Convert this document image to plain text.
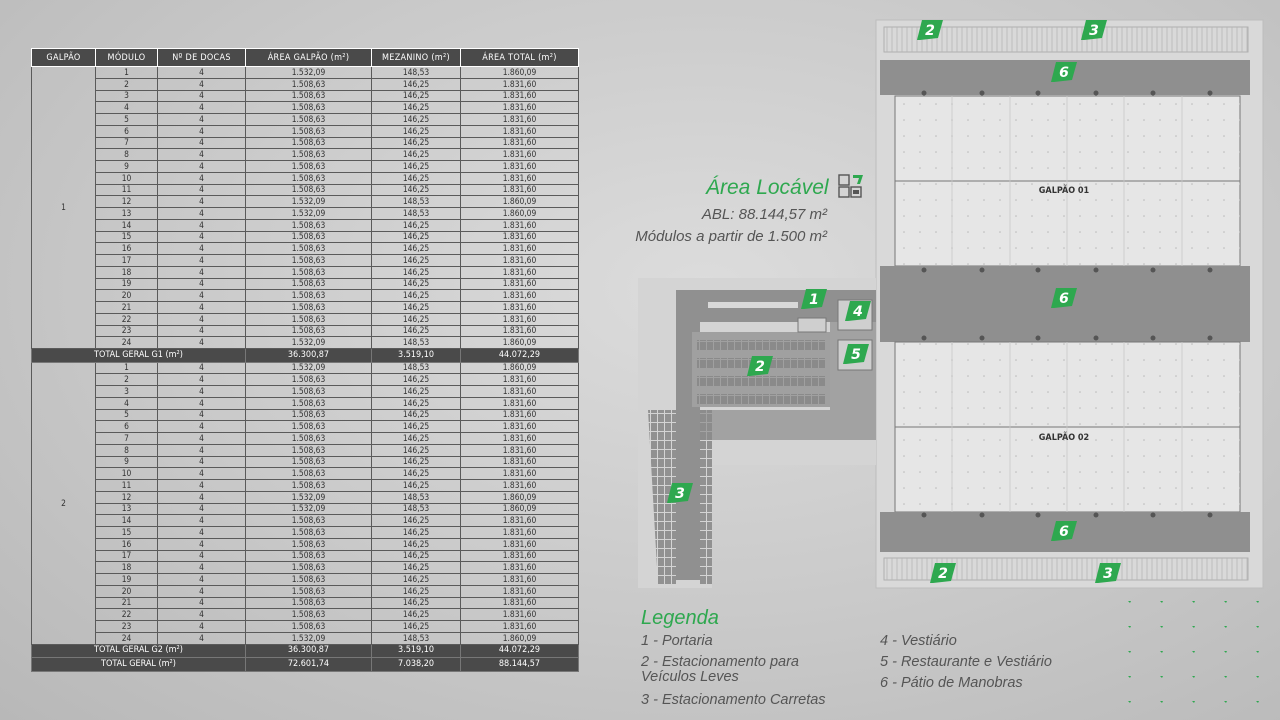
GALPÃO	MÓDULO	Nº DE DOCAS	ÁREA GALPÃO (m²)	MEZANINO (m²)	ÁREA TOTAL (m²)
1	1	4	1.532,09	148,53	1.860,09
	2	4	1.508,63	146,25	1.831,60
	3	4	1.508,63	146,25	1.831,60
	4	4	1.508,63	146,25	1.831,60
	5	4	1.508,63	146,25	1.831,60
	6	4	1.508,63	146,25	1.831,60
	7	4	1.508,63	146,25	1.831,60
	8	4	1.508,63	146,25	1.831,60
	9	4	1.508,63	146,25	1.831,60
	10	4	1.508,63	146,25	1.831,60
	11	4	1.508,63	146,25	1.831,60
	12	4	1.532,09	148,53	1.860,09
	13	4	1.532,09	148,53	1.860,09
	14	4	1.508,63	146,25	1.831,60
	15	4	1.508,63	146,25	1.831,60
	16	4	1.508,63	146,25	1.831,60
	17	4	1.508,63	146,25	1.831,60
	18	4	1.508,63	146,25	1.831,60
	19	4	1.508,63	146,25	1.831,60
	20	4	1.508,63	146,25	1.831,60
	21	4	1.508,63	146,25	1.831,60
	22	4	1.508,63	146,25	1.831,60
	23	4	1.508,63	146,25	1.831,60
	24	4	1.532,09	148,53	1.860,09
TOTAL GERAL G1 (m²)			36.300,87	3.519,10	44.072,29
2	1	4	1.532,09	148,53	1.860,09
	2	4	1.508,63	146,25	1.831,60
	3	4	1.508,63	146,25	1.831,60
	4	4	1.508,63	146,25	1.831,60
	5	4	1.508,63	146,25	1.831,60
	6	4	1.508,63	146,25	1.831,60
	7	4	1.508,63	146,25	1.831,60
	8	4	1.508,63	146,25	1.831,60
	9	4	1.508,63	146,25	1.831,60
	10	4	1.508,63	146,25	1.831,60
	11	4	1.508,63	146,25	1.831,60
	12	4	1.532,09	148,53	1.860,09
	13	4	1.532,09	148,53	1.860,09
	14	4	1.508,63	146,25	1.831,60
	15	4	1.508,63	146,25	1.831,60
	16	4	1.508,63	146,25	1.831,60
	17	4	1.508,63	146,25	1.831,60
	18	4	1.508,63	146,25	1.831,60
	19	4	1.508,63	146,25	1.831,60
	20	4	1.508,63	146,25	1.831,60
	21	4	1.508,63	146,25	1.831,60
	22	4	1.508,63	146,25	1.831,60
	23	4	1.508,63	146,25	1.831,60
	24	4	1.532,09	148,53	1.860,09
TOTAL GERAL G2 (m²)			36.300,87	3.519,10	44.072,29
TOTAL GERAL (m²)			72.601,74	7.038,20	88.144,57
Área Locável
ABL: 88.144,57 m²
Módulos a partir de 1.500 m²
GALPÃO 01
GALPÃO 02
1
2	3
6
6
4
5
2
3
6
2	3
Legenda
1 - Portaria
2 - Estacionamento para Veículos Leves
3 - Estacionamento Carretas
4 - Vestiário
5 - Restaurante e Vestiário
6 - Pátio de Manobras
